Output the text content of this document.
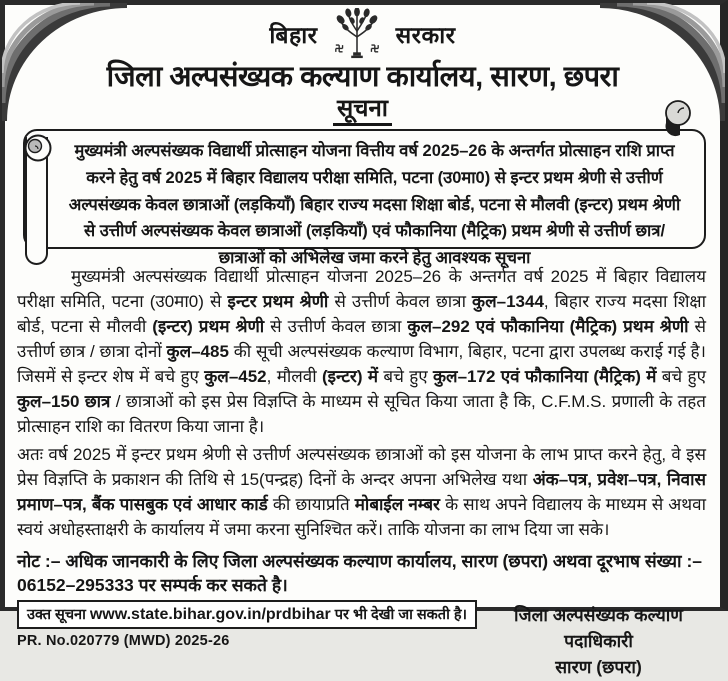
बिहार	सरकार
जिला अल्पसंख्यक कल्याण कार्यालय, सारण, छपरा
सूचना
मुख्यमंत्री अल्पसंख्यक विद्यार्थी प्रोत्साहन योजना वित्तीय वर्ष 2025–26 के अन्तर्गत प्रोत्साहन राशि प्राप्त करने हेतु वर्ष 2025 में बिहार विद्यालय परीक्षा समिति, पटना (उ0मा0) से इन्टर प्रथम श्रेणी से उत्तीर्ण अल्पसंख्यक केवल छात्राओं (लड़कियाँ) बिहार राज्य मदसा शिक्षा बोर्ड, पटना से मौलवी (इन्टर) प्रथम श्रेणी से उत्तीर्ण अल्पसंख्यक केवल छात्राओं (लड़कियाँ) एवं फौकानिया (मैट्रिक) प्रथम श्रेणी से उत्तीर्ण छात्र/छात्राओं को अभिलेख जमा करने हेतु आवश्यक सूचना

मुख्यमंत्री अल्पसंख्यक विद्यार्थी प्रोत्साहन योजना 2025–26 के अन्तर्गत वर्ष 2025 में बिहार विद्यालय परीक्षा समिति, पटना (उ0मा0) से इन्टर प्रथम श्रेणी से उत्तीर्ण केवल छात्रा कुल–1344, बिहार राज्य मदसा शिक्षा बोर्ड, पटना से मौलवी (इन्टर) प्रथम श्रेणी से उत्तीर्ण केवल छात्रा कुल–292 एवं फौकानिया (मैट्रिक) प्रथम श्रेणी से उत्तीर्ण छात्र / छात्रा दोनों कुल–485 की सूची अल्पसंख्यक कल्याण विभाग, बिहार, पटना द्वारा उपलब्ध कराई गई है। जिसमें से इन्टर शेष में बचे हुए कुल–452, मौलवी (इन्टर) में बचे हुए कुल–172 एवं फौकानिया (मैट्रिक) में बचे हुए कुल–150 छात्र / छात्राओं को इस प्रेस विज्ञप्ति के माध्यम से सूचित किया जाता है कि, C.F.M.S. प्रणाली के तहत प्रोत्साहन राशि का वितरण किया जाना है।

अतः वर्ष 2025 में इन्टर प्रथम श्रेणी से उत्तीर्ण अल्पसंख्यक छात्राओं को इस योजना के लाभ प्राप्त करने हेतु, वे इस प्रेस विज्ञप्ति के प्रकाशन की तिथि से 15(पन्द्रह) दिनों के अन्दर अपना अभिलेख यथा अंक–पत्र, प्रवेश–पत्र, निवास प्रमाण–पत्र, बैंक पासबुक एवं आधार कार्ड की छायाप्रति मोबाईल नम्बर के साथ अपने विद्यालय के माध्यम से अथवा स्वयं अधोहस्ताक्षरी के कार्यालय में जमा करना सुनिश्चित करें। ताकि योजना का लाभ दिया जा सके।

नोट :– अधिक जानकारी के लिए जिला अल्पसंख्यक कल्याण कार्यालय, सारण (छपरा) अथवा दूरभाष संख्या :– 06152–295333 पर सम्पर्क कर सकते है।
उक्त सूचना www.state.bihar.gov.in/prdbihar पर भी देखी जा सकती है।
PR. No.020779 (MWD) 2025-26
जिला अल्पसंख्यक कल्याण पदाधिकारी
सारण (छपरा)
